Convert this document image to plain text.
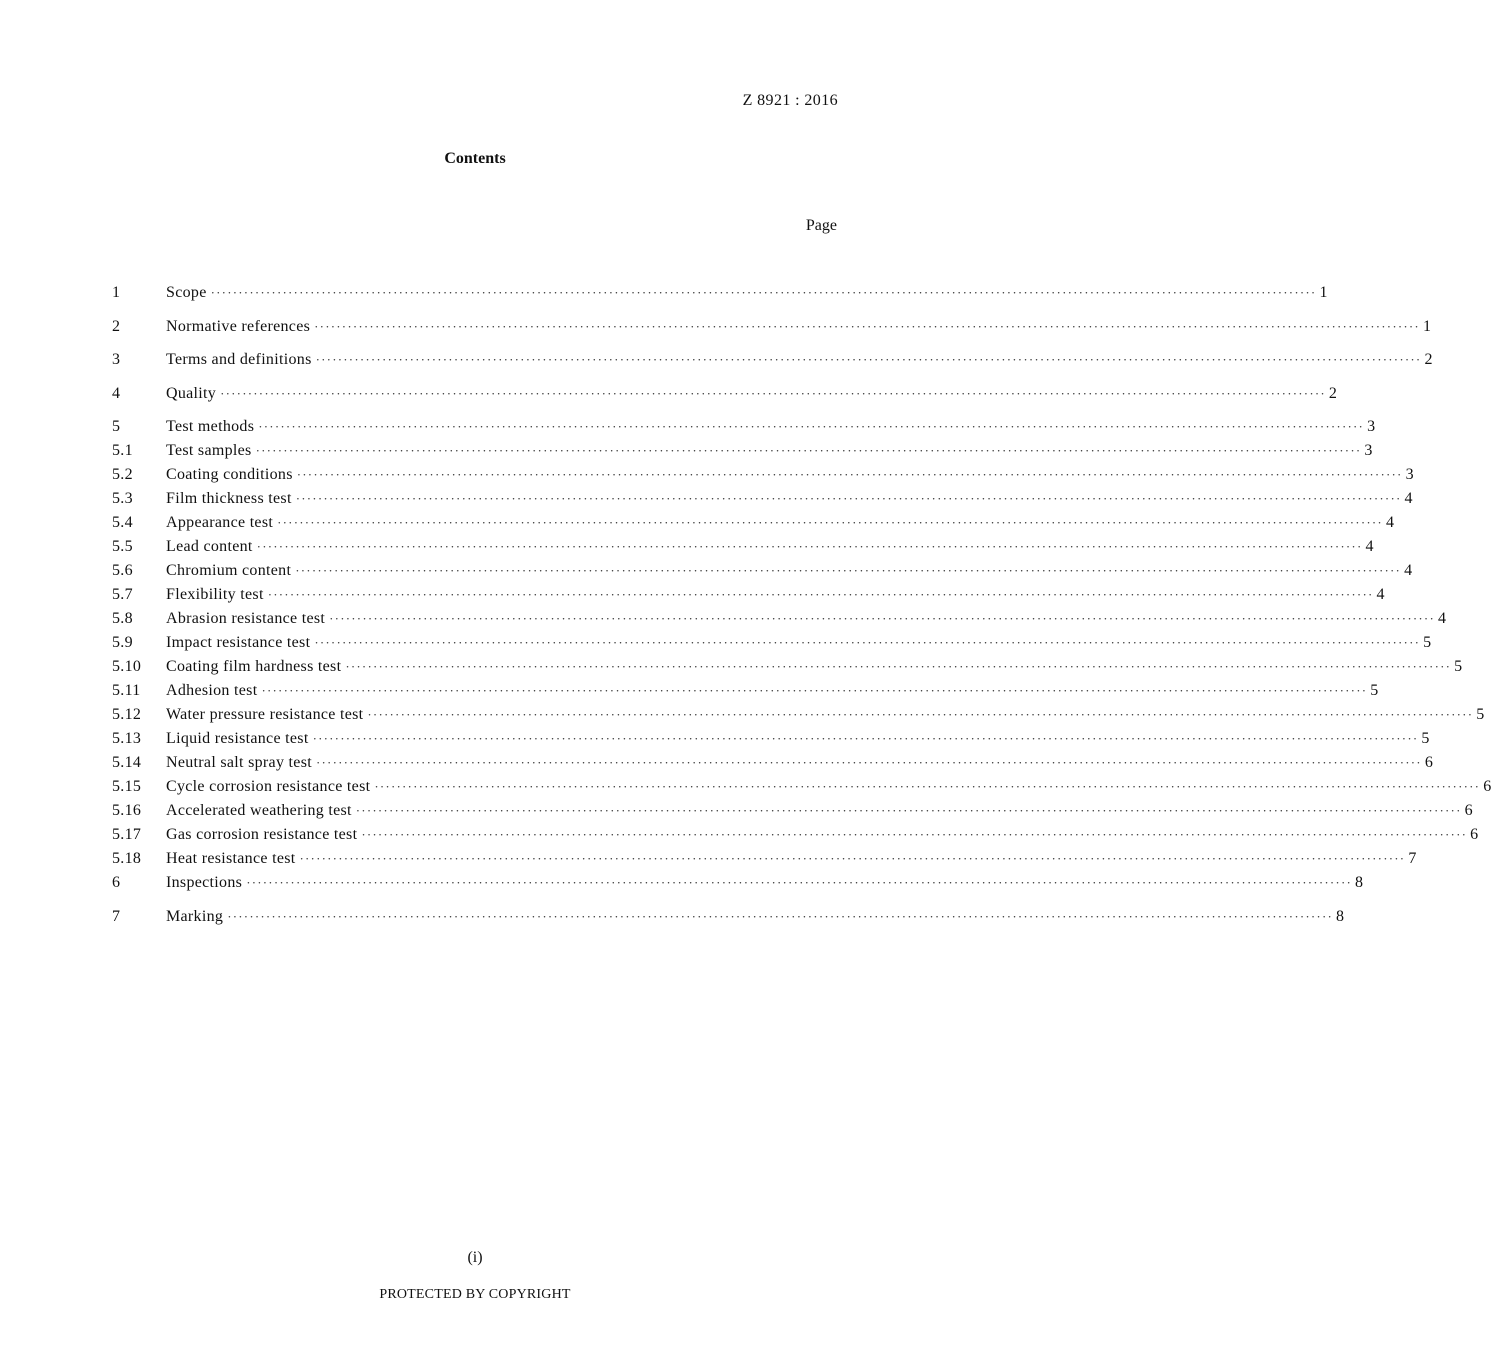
Z 8921 : 2016
Contents
Page
1	Scope ········································································································································································································ 1
2	Normative references ········································································································································································································ 1
3	Terms and definitions ········································································································································································································ 2
4	Quality ········································································································································································································ 2
5	Test methods ········································································································································································································ 3
5.1	Test samples ········································································································································································································ 3
5.2	Coating conditions ········································································································································································································ 3
5.3	Film thickness test ········································································································································································································ 4
5.4	Appearance test ········································································································································································································ 4
5.5	Lead content ········································································································································································································ 4
5.6	Chromium content ········································································································································································································ 4
5.7	Flexibility test ········································································································································································································ 4
5.8	Abrasion resistance test ········································································································································································································ 4
5.9	Impact resistance test ········································································································································································································ 5
5.10	Coating film hardness test ········································································································································································································ 5
5.11	Adhesion test ········································································································································································································ 5
5.12	Water pressure resistance test ········································································································································································································ 5
5.13	Liquid resistance test ········································································································································································································ 5
5.14	Neutral salt spray test ········································································································································································································ 6
5.15	Cycle corrosion resistance test ········································································································································································································ 6
5.16	Accelerated weathering test ········································································································································································································ 6
5.17	Gas corrosion resistance test ········································································································································································································ 6
5.18	Heat resistance test ········································································································································································································ 7
6	Inspections ········································································································································································································ 8
7	Marking ········································································································································································································ 8
(i)
PROTECTED BY COPYRIGHT
